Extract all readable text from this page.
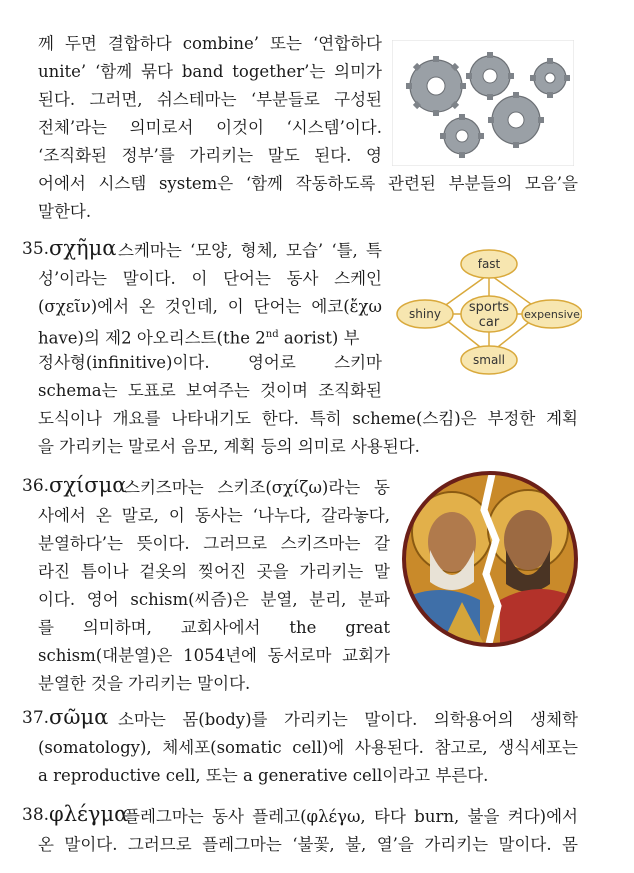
께 두면 결합하다 combine’ 또는 ‘연합하다
unite’ ‘함께 묶다 band together’는 의미가
된다. 그러면, 쉬스테마는 ‘부분들로 구성된
전체’라는 의미로서 이것이 ‘시스템’이다.
‘조직화된 정부’를 가리키는 말도 된다. 영
어에서 시스템 system은 ‘함께 작동하도록 관련된 부분들의 모음’을
말한다.
35. σχῆμα 스케마는 ‘모양, 형체, 모습’ ‘틀, 특
성’이라는 말이다. 이 단어는 동사 스케인
(σχεῖν)에서 온 것인데, 이 단어는 에코(ἔχω
have)의 제2 아오리스트(the 2nd aorist) 부
정사형(infinitive)이다. 영어로 스키마
schema는 도표로 보여주는 것이며 조직화된
도식이나 개요를 나타내기도 한다. 특히 scheme(스킴)은 부정한 계획
을 가리키는 말로서 음모, 계획 등의 의미로 사용된다.
fast
shiny	expensive
small
sports
car
36. σχίσμα
스키즈마는 스키조(σχίζω)라는 동
사에서 온 말로, 이 동사는 ‘나누다, 갈라놓다,
분열하다’는 뜻이다. 그러므로 스키즈마는 갈
라진 틈이나 겉옷의 찢어진 곳을 가리키는 말
이다. 영어 schism(씨즘)은 분열, 분리, 분파
를 의미하며, 교회사에서 the great
schism(대분열)은 1054년에 동서로마 교회가
분열한 것을 가리키는 말이다.
37. σῶμα 소마는 몸(body)를 가리키는 말이다. 의학용어의 생체학
(somatology), 체세포(somatic cell)에 사용된다. 참고로, 생식세포는
a reproductive cell, 또는 a generative cell이라고 부른다.
38. φλέγμα
플레그마는 동사 플레고(φλέγω, 타다 burn, 불을 켜다)에서
온 말이다. 그러므로 플레그마는 ‘불꽃, 불, 열’을 가리키는 말이다. 몸
